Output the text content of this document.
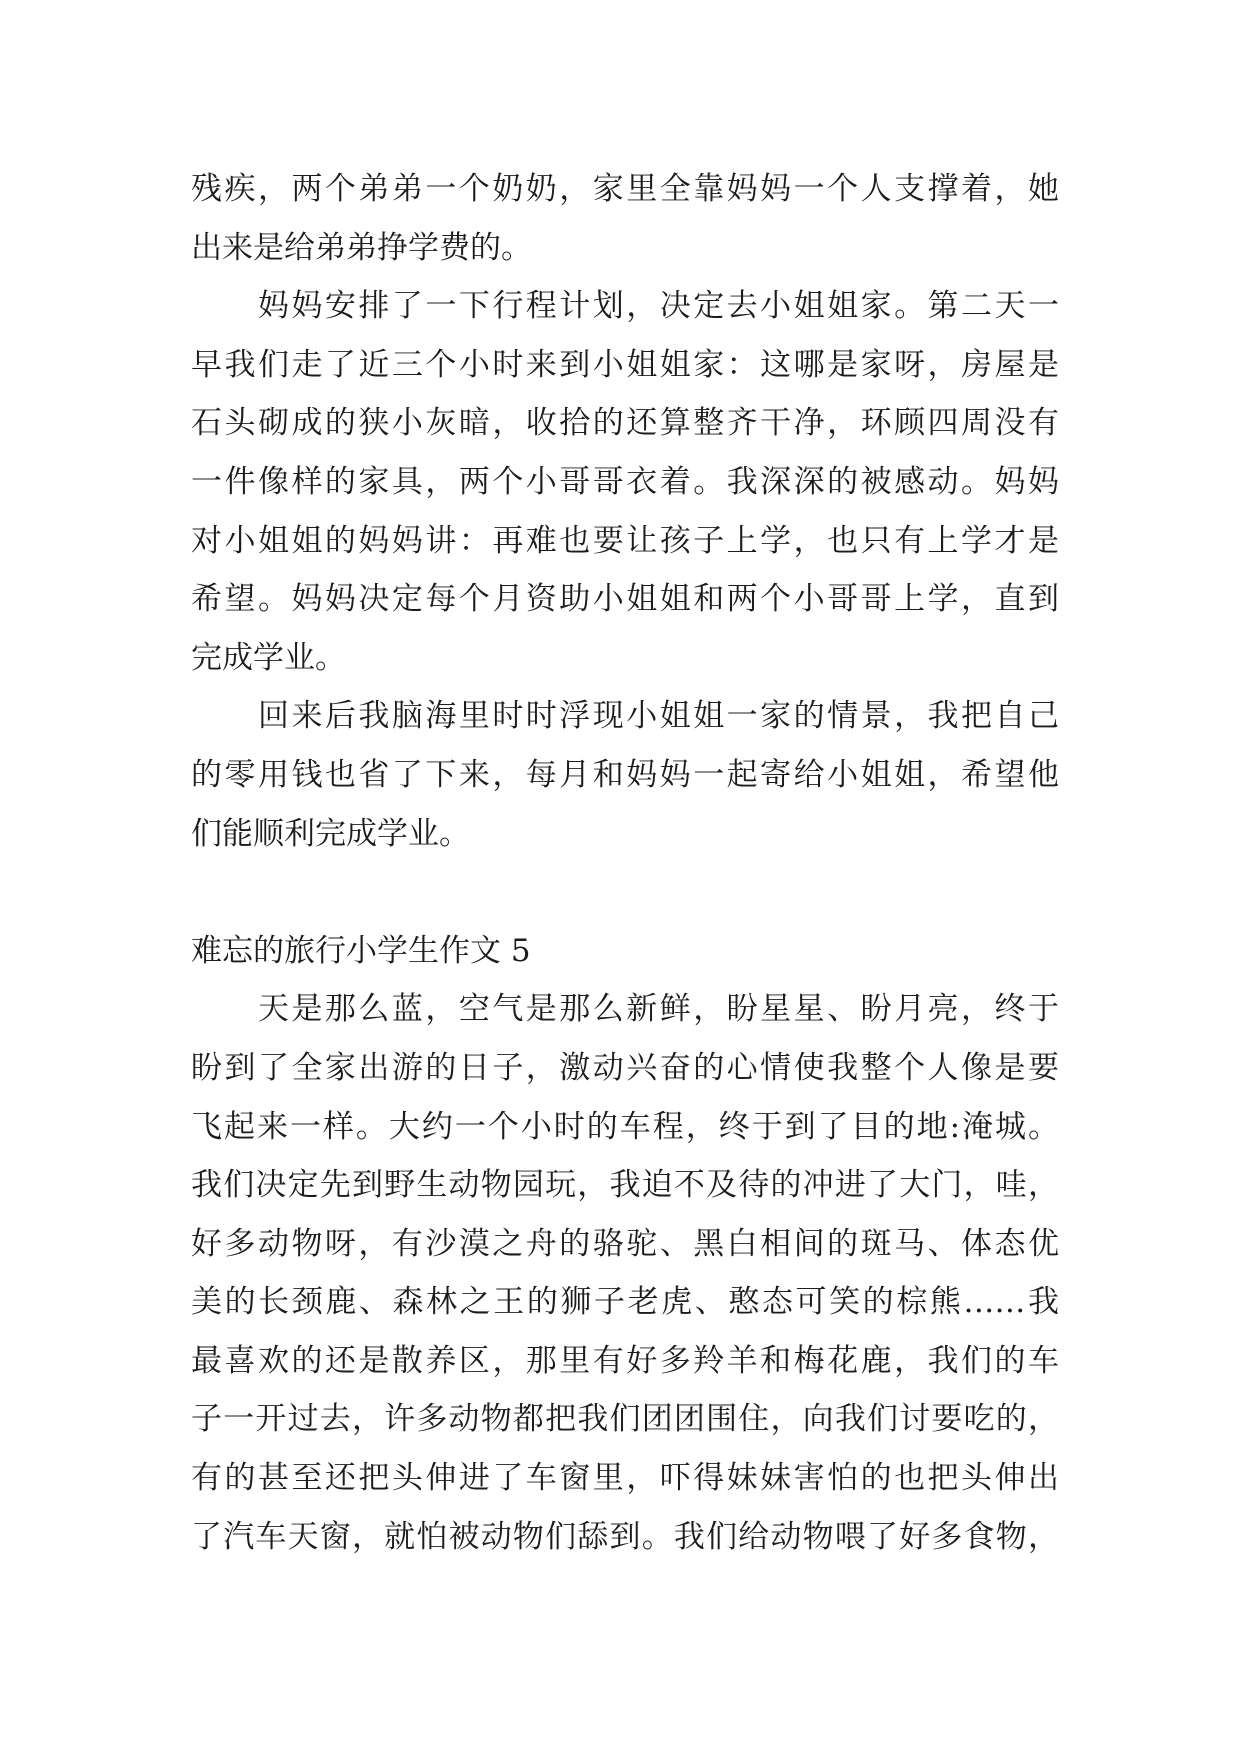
残疾，两个弟弟一个奶奶，家里全靠妈妈一个人支撑着，她
出来是给弟弟挣学费的。
　　妈妈安排了一下行程计划，决定去小姐姐家。第二天一
早我们走了近三个小时来到小姐姐家：这哪是家呀，房屋是
石头砌成的狭小灰暗，收拾的还算整齐干净，环顾四周没有
一件像样的家具，两个小哥哥衣着。我深深的被感动。妈妈
对小姐姐的妈妈讲：再难也要让孩子上学，也只有上学才是
希望。妈妈决定每个月资助小姐姐和两个小哥哥上学，直到
完成学业。
　　回来后我脑海里时时浮现小姐姐一家的情景，我把自己
的零用钱也省了下来，每月和妈妈一起寄给小姐姐，希望他
们能顺利完成学业。
难忘的旅行小学生作文 5
　　天是那么蓝，空气是那么新鲜，盼星星、盼月亮，终于
盼到了全家出游的日子，激动兴奋的心情使我整个人像是要
飞起来一样。大约一个小时的车程，终于到了目的地:淹城。
我们决定先到野生动物园玩，我迫不及待的冲进了大门，哇，
好多动物呀，有沙漠之舟的骆驼、黑白相间的斑马、体态优
美的长颈鹿、森林之王的狮子老虎、憨态可笑的棕熊……我
最喜欢的还是散养区，那里有好多羚羊和梅花鹿，我们的车
子一开过去，许多动物都把我们团团围住，向我们讨要吃的，
有的甚至还把头伸进了车窗里，吓得妹妹害怕的也把头伸出
了汽车天窗，就怕被动物们舔到。我们给动物喂了好多食物，
